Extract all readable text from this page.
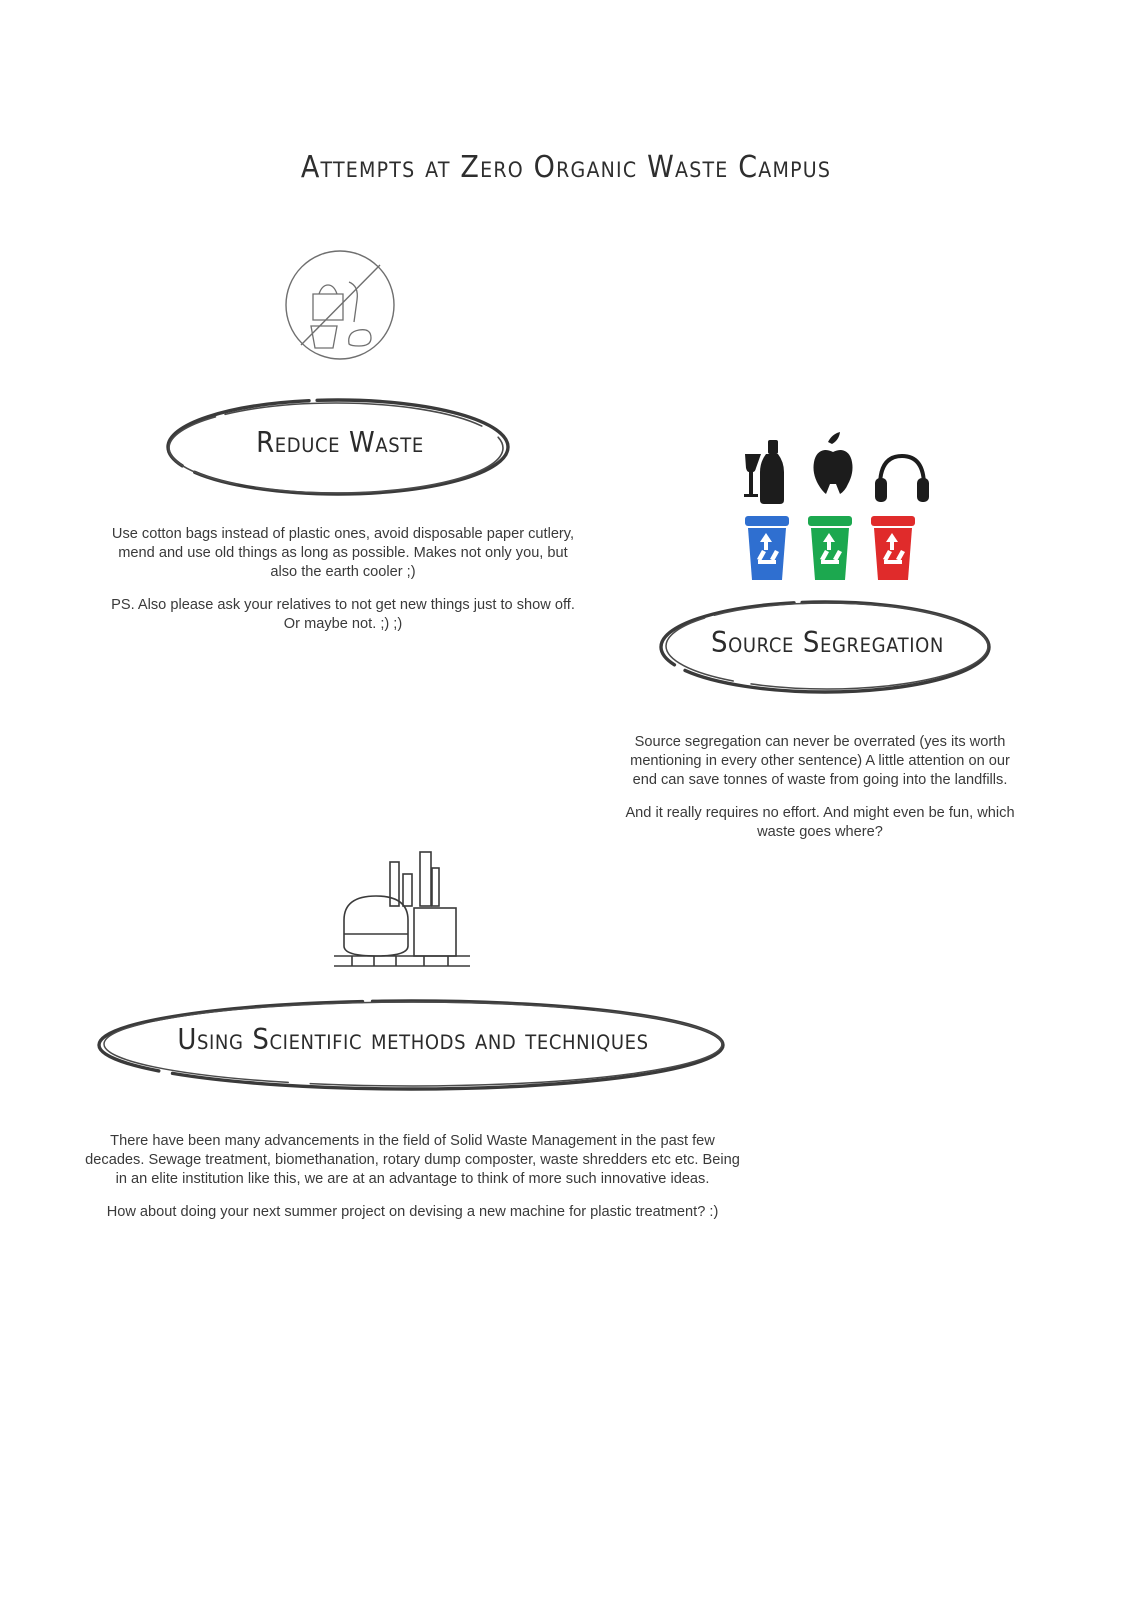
Attempts at Zero Organic Waste Campus
Reduce Waste

Use cotton bags instead of plastic ones, avoid disposable paper cutlery, mend and use old things as long as possible. Makes not only you, but also the earth cooler ;)

PS. Also please ask your relatives to not get new things just to show off. Or maybe not. ;) ;)

Source Segregation

Source segregation can never be overrated (yes its worth mentioning in every other sentence) A little attention on our end can save tonnes of waste from going into the landfills.

And it really requires no effort. And might even be fun, which waste goes where?

Using Scientific methods and techniques

There have been many advancements in the field of Solid Waste Management in the past few decades. Sewage treatment, biomethanation, rotary dump composter, waste shredders etc etc. Being in an elite institution like this, we are at an advantage to think of more such innovative ideas.

How about doing your next summer project on devising a new machine for plastic treatment? :)
